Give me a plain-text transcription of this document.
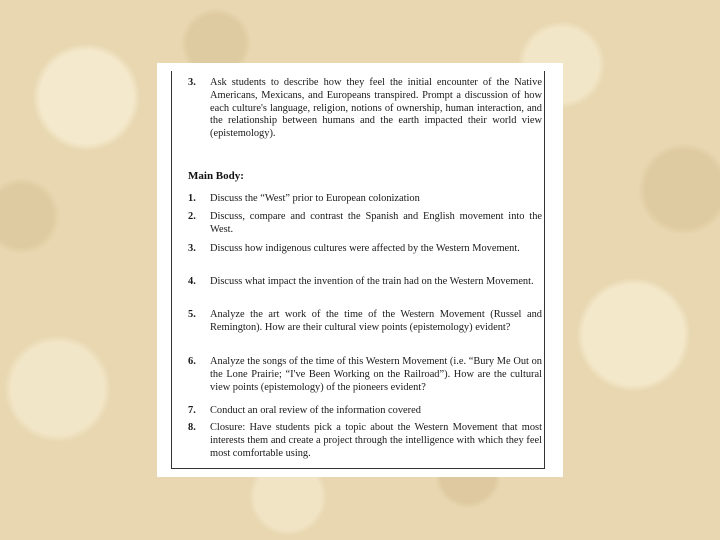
3. Ask students to describe how they feel the initial encounter of the Native Americans, Mexicans, and Europeans transpired. Prompt a discussion of how each culture's language, religion, notions of ownership, human interaction, and the relationship between humans and the earth impacted their world view (epistemology).
Main Body:
1. Discuss the “West” prior to European colonization
2. Discuss, compare and contrast the Spanish and English movement into the West.
3. Discuss how indigenous cultures were affected by the Western Movement.
4. Discuss what impact the invention of the train had on the Western Movement.
5. Analyze the art work of the time of the Western Movement (Russel and Remington). How are their cultural view points (epistemology) evident?
6. Analyze the songs of the time of this Western Movement (i.e. “Bury Me Out on the Lone Prairie; “I've Been Working on the Railroad”). How are the cultural view points (epistemology) of the pioneers evident?
7. Conduct an oral review of the information covered
8. Closure: Have students pick a topic about the Western Movement that most interests them and create a project through the intelligence with which they feel most comfortable using.
